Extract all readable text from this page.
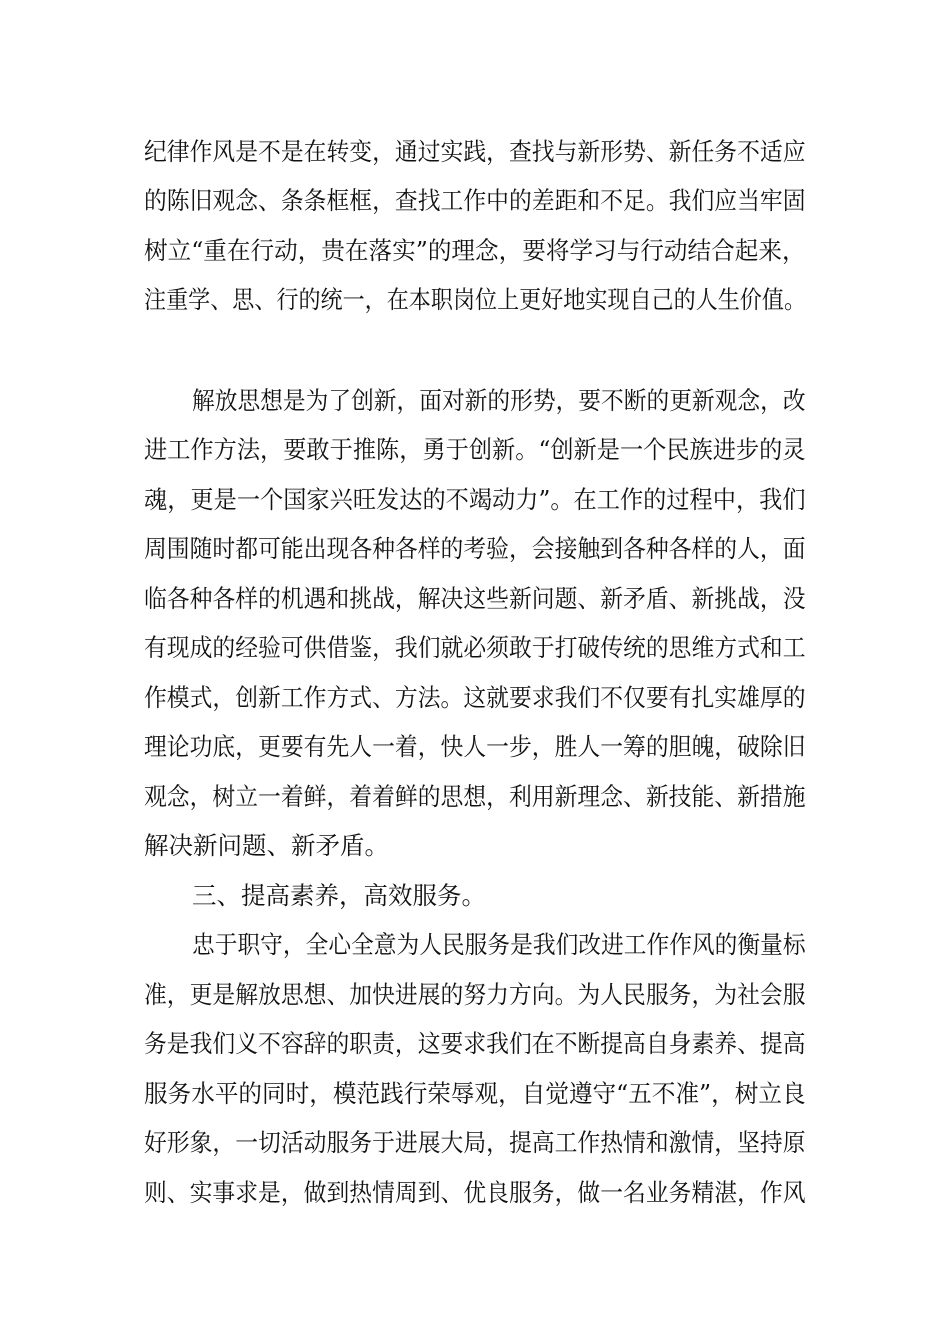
纪律作风是不是在转变，通过实践，查找与新形势、新任务不适应
的陈旧观念、条条框框，查找工作中的差距和不足。我们应当牢固
树立“重在行动，贵在落实”的理念，要将学习与行动结合起来，
注重学、思、行的统一，在本职岗位上更好地实现自己的人生价值。
解放思想是为了创新，面对新的形势，要不断的更新观念，改
进工作方法，要敢于推陈，勇于创新。“创新是一个民族进步的灵
魂，更是一个国家兴旺发达的不竭动力”。在工作的过程中，我们
周围随时都可能出现各种各样的考验，会接触到各种各样的人，面
临各种各样的机遇和挑战，解决这些新问题、新矛盾、新挑战，没
有现成的经验可供借鉴，我们就必须敢于打破传统的思维方式和工
作模式，创新工作方式、方法。这就要求我们不仅要有扎实雄厚的
理论功底，更要有先人一着，快人一步，胜人一筹的胆魄，破除旧
观念，树立一着鲜，着着鲜的思想，利用新理念、新技能、新措施
解决新问题、新矛盾。
三、提高素养，高效服务。
忠于职守，全心全意为人民服务是我们改进工作作风的衡量标
准，更是解放思想、加快进展的努力方向。为人民服务，为社会服
务是我们义不容辞的职责，这要求我们在不断提高自身素养、提高
服务水平的同时，模范践行荣辱观，自觉遵守“五不准”，树立良
好形象，一切活动服务于进展大局，提高工作热情和激情，坚持原
则、实事求是，做到热情周到、优良服务，做一名业务精湛，作风
